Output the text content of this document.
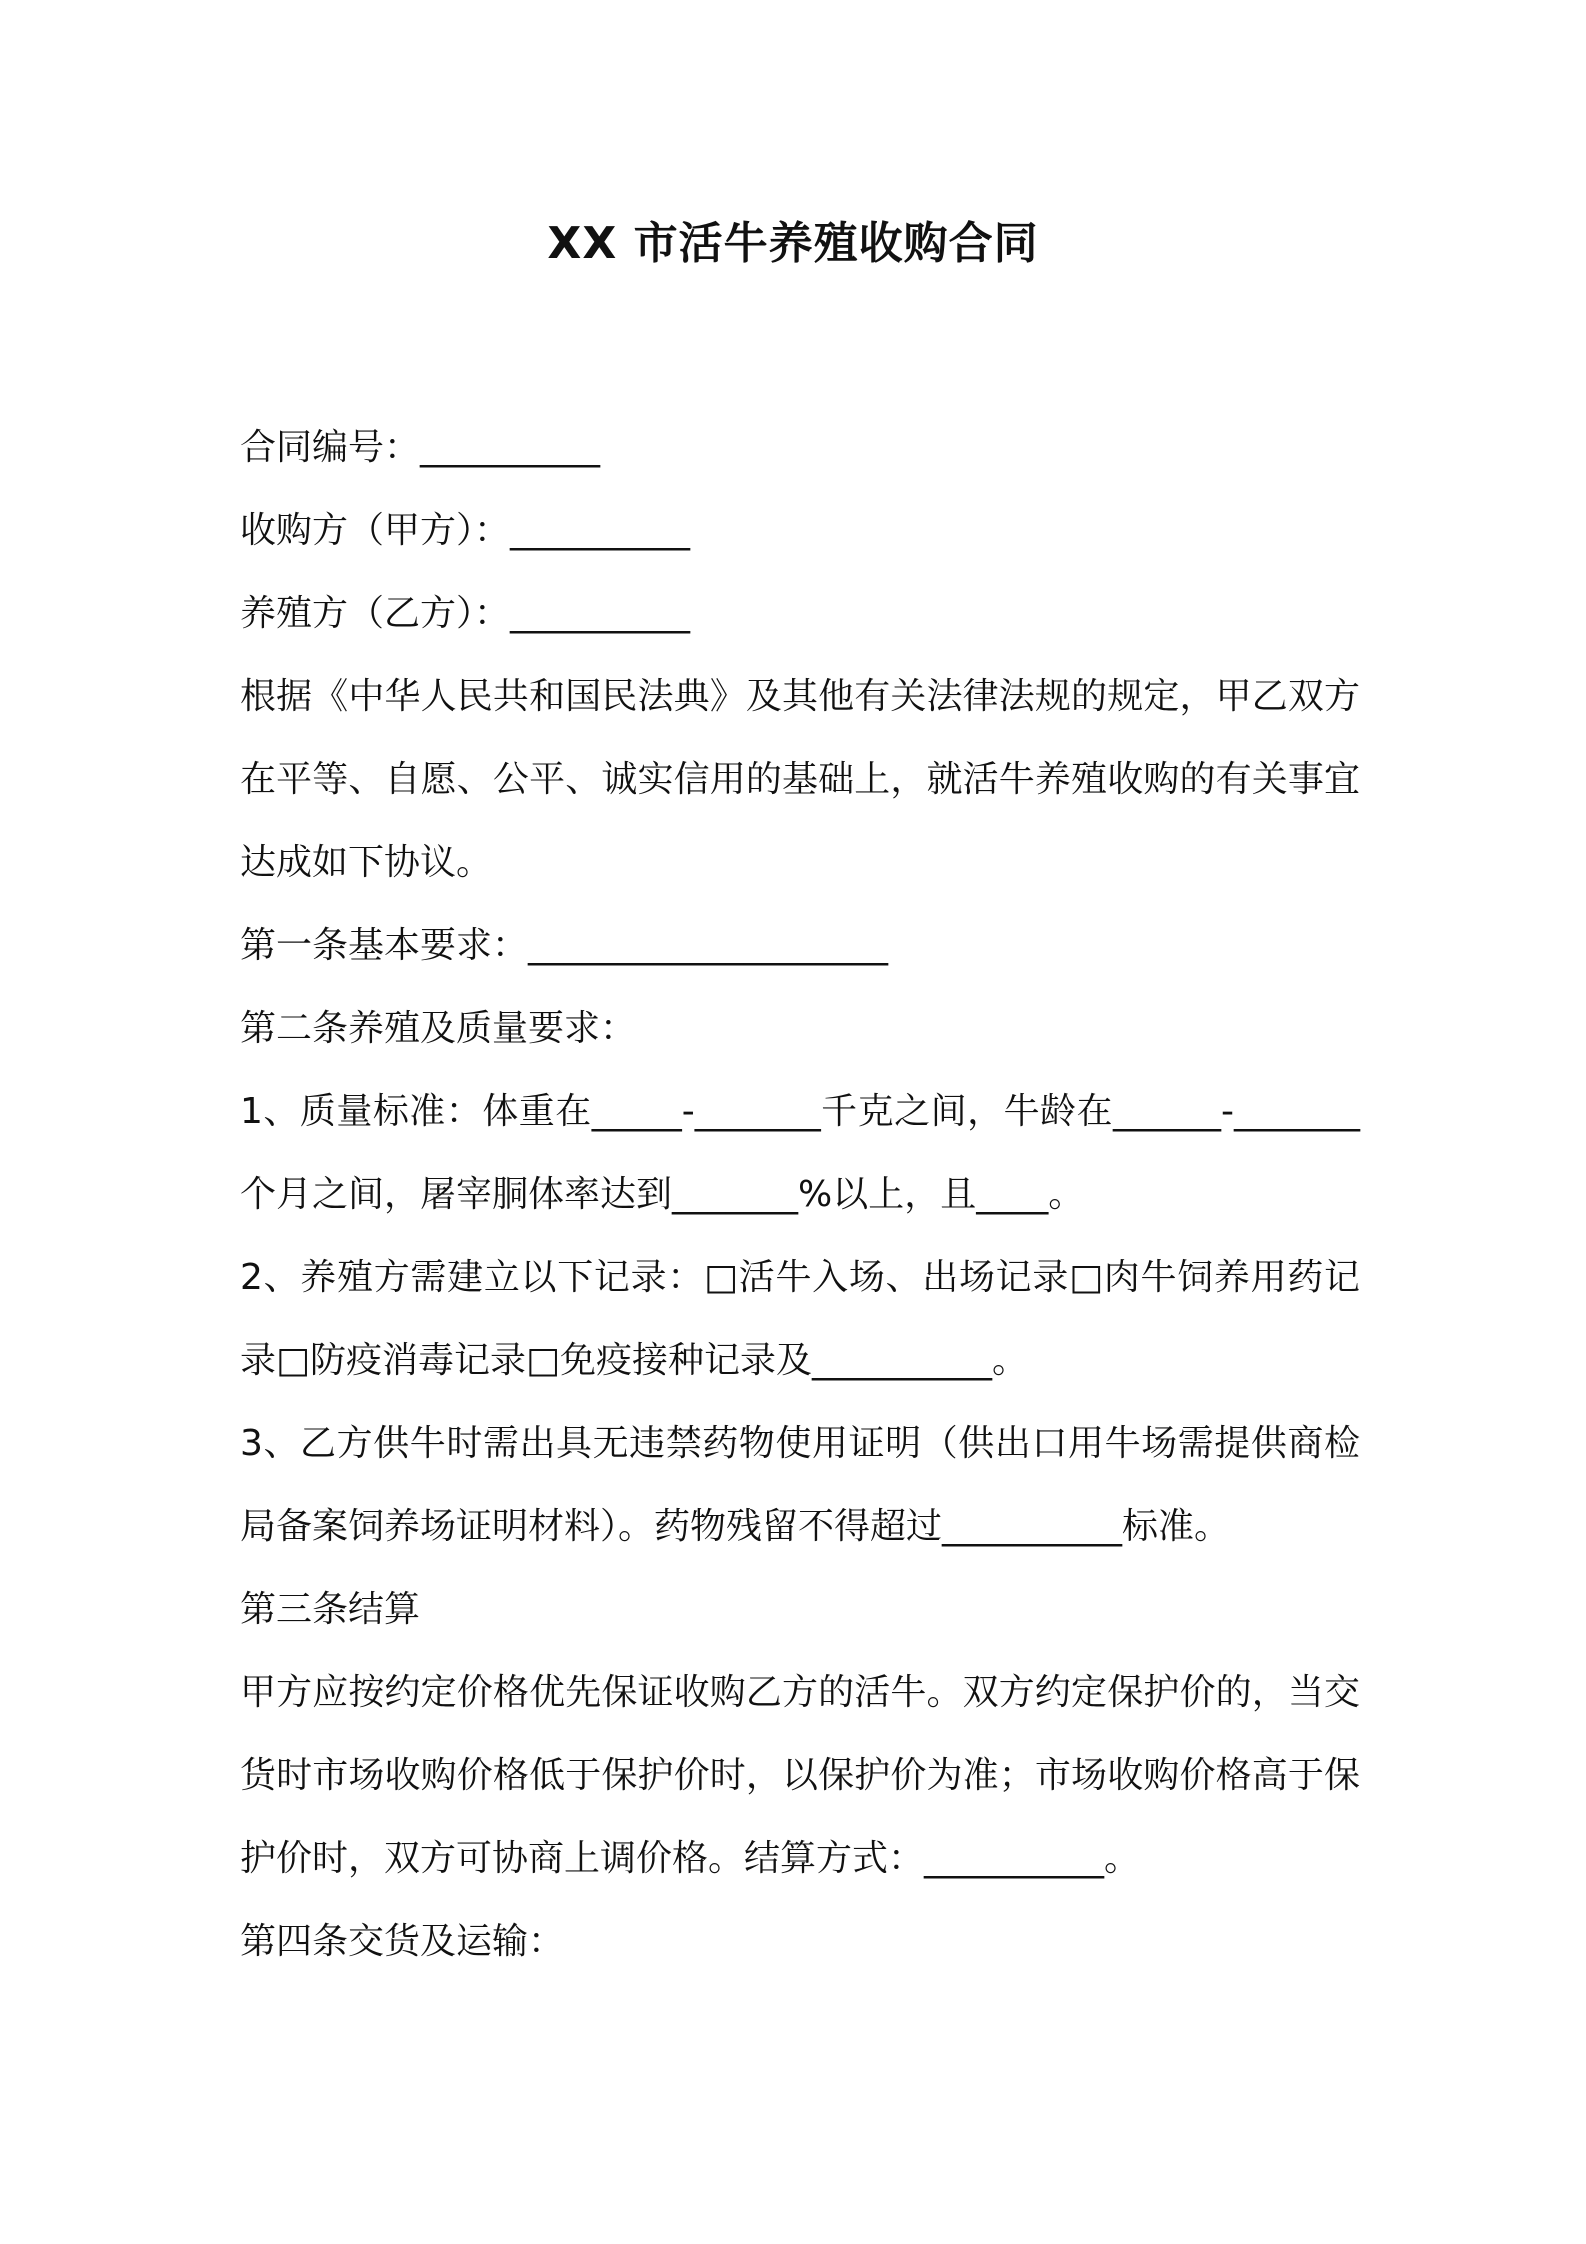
XX 市活牛养殖收购合同

合同编号：__________

收购方（甲方）：__________

养殖方（乙方）：__________

根据《中华人民共和国民法典》及其他有关法律法规的规定，甲乙双方在平等、自愿、公平、诚实信用的基础上，就活牛养殖收购的有关事宜达成如下协议。

第一条基本要求：____________________

第二条养殖及质量要求：

1、质量标准：体重在_____-_______千克之间，牛龄在______-_______个月之间，屠宰胴体率达到_______%以上，且____。

2、养殖方需建立以下记录：□活牛入场、出场记录□肉牛饲养用药记录□防疫消毒记录□免疫接种记录及__________。

3、乙方供牛时需出具无违禁药物使用证明（供出口用牛场需提供商检局备案饲养场证明材料）。药物残留不得超过__________标准。

第三条结算

甲方应按约定价格优先保证收购乙方的活牛。双方约定保护价的，当交货时市场收购价格低于保护价时，以保护价为准；市场收购价格高于保护价时，双方可协商上调价格。结算方式：__________。

第四条交货及运输：
